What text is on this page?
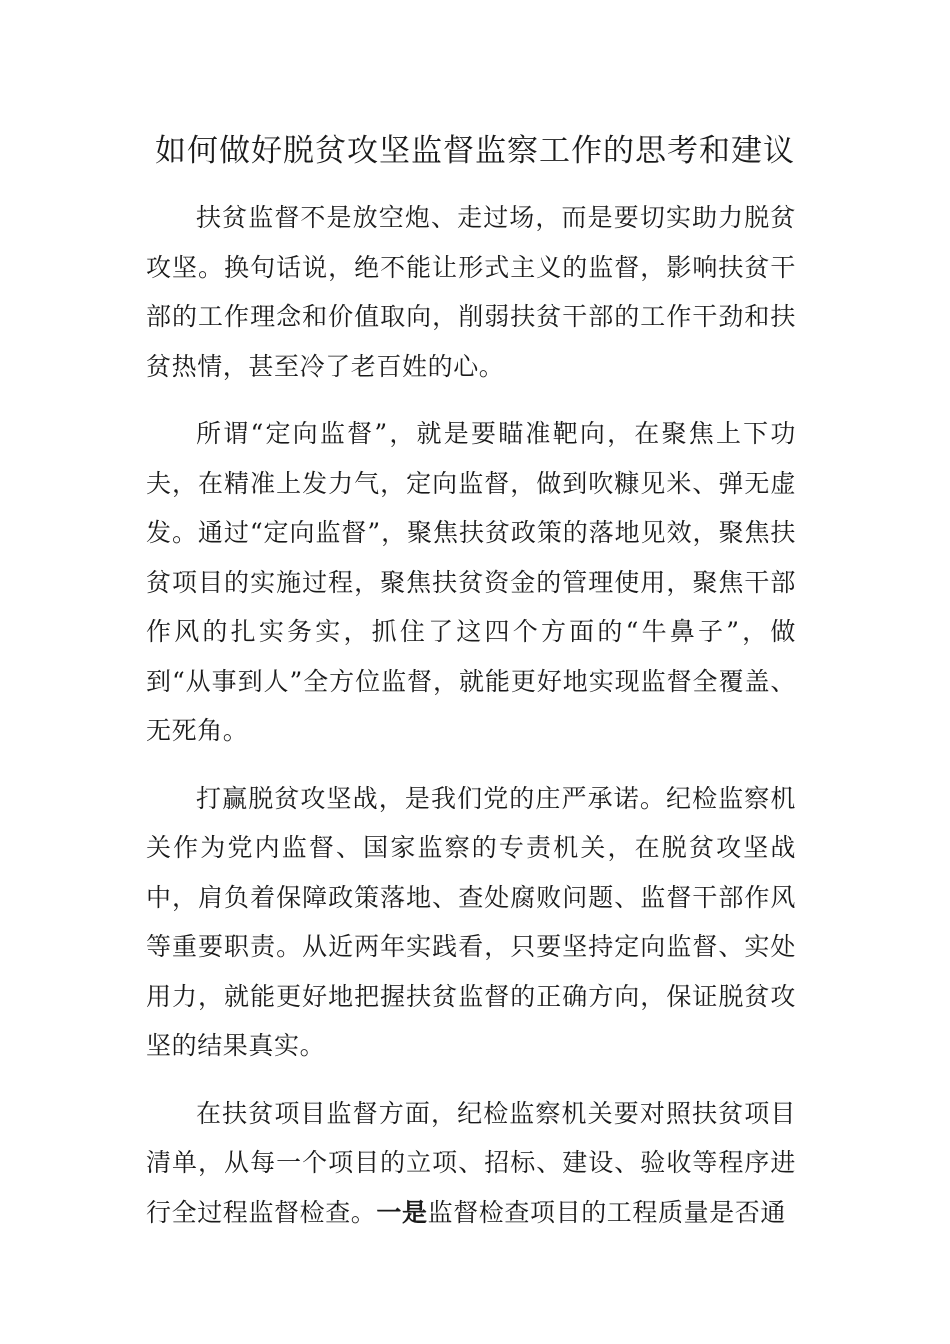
如何做好脱贫攻坚监督监察工作的思考和建议

扶贫监督不是放空炮、走过场，而是要切实助力脱贫攻坚。换句话说，绝不能让形式主义的监督，影响扶贫干部的工作理念和价值取向，削弱扶贫干部的工作干劲和扶贫热情，甚至冷了老百姓的心。

所谓“定向监督”，就是要瞄准靶向，在聚焦上下功夫，在精准上发力气，定向监督，做到吹糠见米、弹无虚发。通过“定向监督”，聚焦扶贫政策的落地见效，聚焦扶贫项目的实施过程，聚焦扶贫资金的管理使用，聚焦干部作风的扎实务实，抓住了这四个方面的“牛鼻子”，做到“从事到人”全方位监督，就能更好地实现监督全覆盖、无死角。

打赢脱贫攻坚战，是我们党的庄严承诺。纪检监察机关作为党内监督、国家监察的专责机关，在脱贫攻坚战中，肩负着保障政策落地、查处腐败问题、监督干部作风等重要职责。从近两年实践看，只要坚持定向监督、实处用力，就能更好地把握扶贫监督的正确方向，保证脱贫攻坚的结果真实。

在扶贫项目监督方面，纪检监察机关要对照扶贫项目清单，从每一个项目的立项、招标、建设、验收等程序进行全过程监督检查。一是监督检查项目的工程质量是否通
